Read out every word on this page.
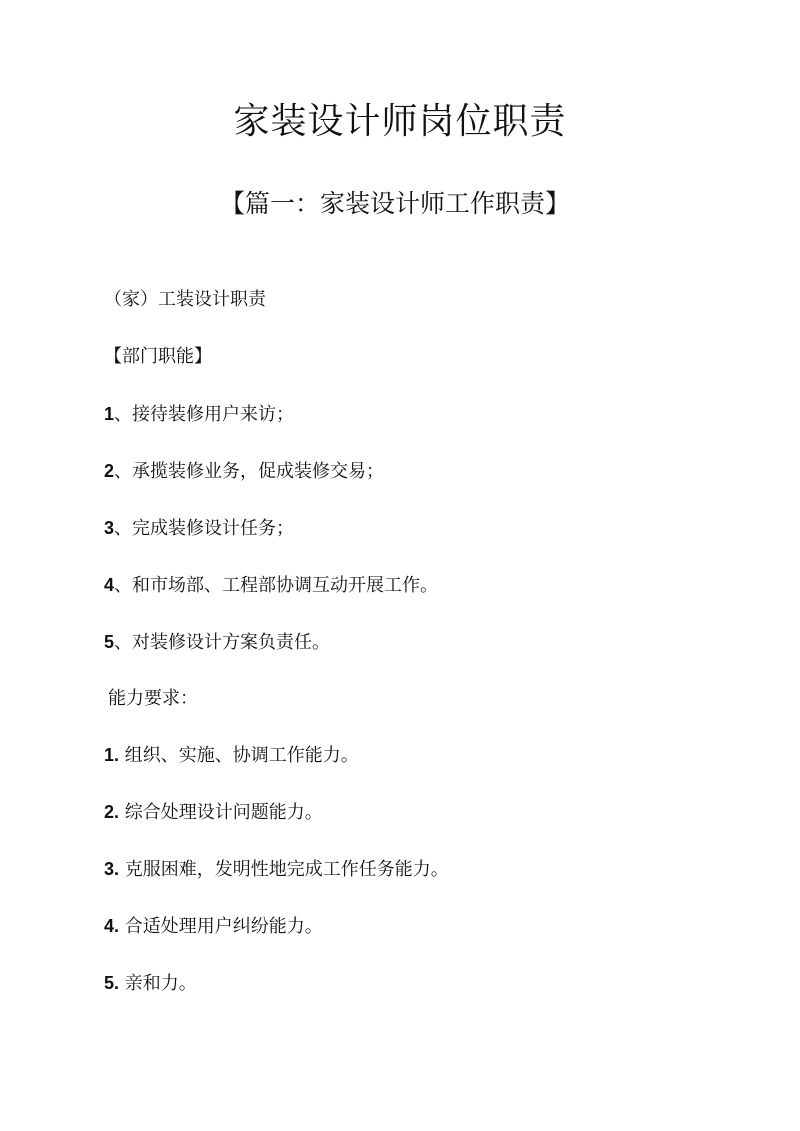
家装设计师岗位职责
【篇一：家装设计师工作职责】
（家）工装设计职责
【部门职能】
1、接待装修用户来访；
2、承揽装修业务，促成装修交易；
3、完成装修设计任务；
4、和市场部、工程部协调互动开展工作。
5、对装修设计方案负责任。
能力要求：
1. 组织、实施、协调工作能力。
2. 综合处理设计问题能力。
3. 克服困难，发明性地完成工作任务能力。
4. 合适处理用户纠纷能力。
5. 亲和力。
